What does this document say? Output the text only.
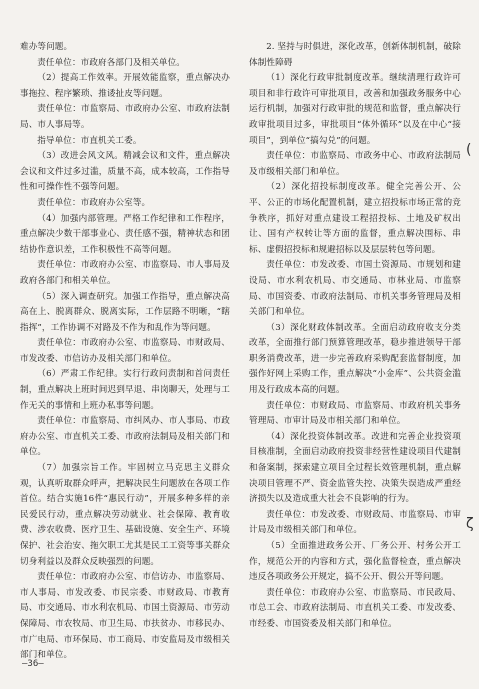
难办等问题。

责任单位：市政府各部门及相关单位。

（2）提高工作效率。开展效能监察，重点解决办事拖拉、程序繁琐、推诿扯皮等问题。

责任单位：市监察局、市政府办公室、市政府法制局、市人事局等。

指导单位：市直机关工委。

（3）改进会风文风。精减会议和文件，重点解决会议和文件过多过滥，质量不高，成本较高，工作指导性和可操作性不强等问题。

责任单位：市政府办公室等。

（4）加强内部管理。严格工作纪律和工作程序，重点解决少数干部事业心、责任感不强，精神状态和团结协作意识差，工作积极性不高等问题。

责任单位：市政府办公室、市监察局、市人事局及政府各部门和相关单位。

（5）深入调查研究。加强工作指导，重点解决高高在上、脱离群众、脱离实际，工作层路不明晰，“瞎指挥”，工作协调不对路及不作为和乱作为等问题。

责任单位：市政府办公室、市监察局、市财政局、市发改委、市信访办及相关部门和单位。

（6）严肃工作纪律。实行行政问责制和首问责任制，重点解决上班时间迟到早退、串岗聊天，处理与工作无关的事情和上班办私事等问题。

责任单位：市监察局、市纠风办、市人事局、市政府办公室、市直机关工委、市政府法制局及相关部门和单位。

（7）加强宗旨工作。牢固树立马克思主义群众观，认真听取群众呼声，把解决民生问题放在各项工作首位。结合实施16件“惠民行动”，开展多种多样的亲民爱民行动，重点解决劳动就业、社会保障、教育收费、涉农收费、医疗卫生、基础设施、安全生产、环境保护、社会治安、拖欠职工尤其是民工工资等事关群众切身利益以及群众反映强烈的问题。

责任单位：市政府办公室、市信访办、市监察局、市人事局、市发改委、市民宗委、市财政局、市教育局、市交通局、市水利农机局、市国土资源局、市劳动保障局、市农牧局、市卫生局、市扶贫办、市移民办、市广电局、市环保局、市工商局、市安监局及市级相关部门和单位。

2. 坚持与时俱进，深化改革，创新体制机制，破除体制性障碍

（1）深化行政审批制度改革。继续清理行政许可项目和非行政许可审批项目，改善和加强政务服务中心运行机制，加强对行政审批的规范和监督，重点解决行政审批项目过多，审批项目“体外循环”以及在中心“接项目”，到单位“搞勾兑”的问题。

责任单位：市监察局、市政务中心、市政府法制局及市级相关部门和单位。

（2）深化招投标制度改革。健全完善公开、公平、公正的市场化配置机制，建立招投标市场正常的竞争秩序，抓好对重点建设工程招投标、土地及矿权出让、国有产权转让等方面的监督，重点解决围标、串标、虚假招投标和规避招标以及层层转包等问题。

责任单位：市发改委、市国土资源局、市规划和建设局、市水利农机局、市交通局、市林业局、市监察局、市国资委、市政府法制局、市机关事务管理局及相关部门和单位。

（3）深化财政体制改革。全面启动政府收支分类改革，全面推行部门预算管理改革，稳步推进领导干部职务消费改革，进一步完善政府采购配套监督制度，加强作好网上采购工作，重点解决“小金库”、公共资金滥用及行政成本高的问题。

责任单位：市财政局、市监察局、市政府机关事务管理局、市审计局及市相关部门和单位。

（4）深化投资体制改革。改进和完善企业投资项目核准制，全面启动政府投资非经营性建设项目代建制和备案制，探索建立项目全过程长效管理机制，重点解决项目管理不严、资金监管失控、决策失误造成严重经济损失以及造成重大社会不良影响的行为。

责任单位：市发改委、市财政局、市监察局、市审计局及市级相关部门和单位。

（5）全面推进政务公开、厂务公开、村务公开工作，规范公开的内容和方式，强化监督检查，重点解决违反各项政务公开规定，搞不公开、假公开等问题。

责任单位：市政府办公室、市监察局、市民政局、市总工会、市政府法制局、市直机关工委、市发改委、市经委、市国资委及相关部门和单位。

(
ζ
—36—
